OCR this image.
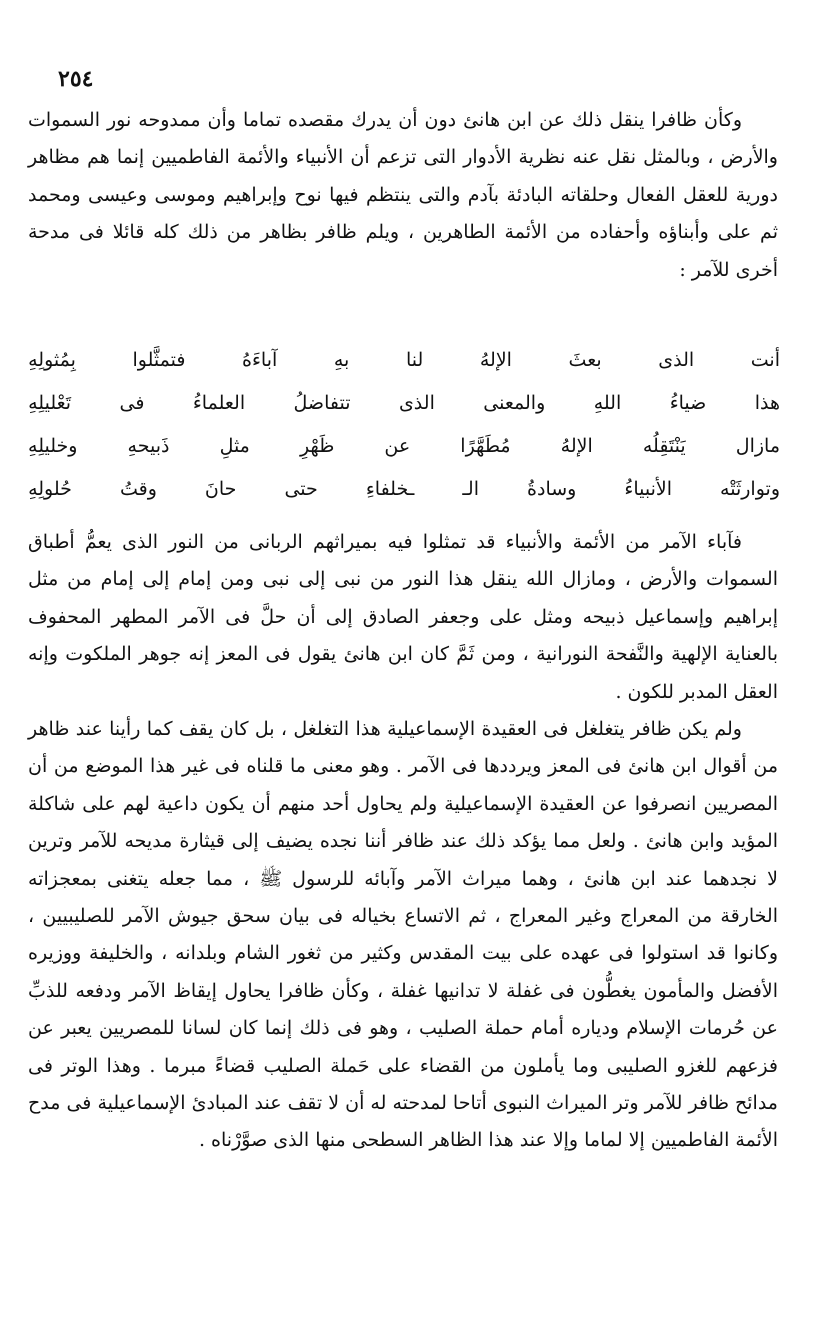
٢٥٤

وكأن ظافرا ينقل ذلك عن ابن هانئ دون أن يدرك مقصده تماما وأن ممدوحه نور السموات والأرض ، وبالمثل نقل عنه نظرية الأدوار التى تزعم أن الأنبياء والأئمة الفاطميين إنما هم مظاهر دورية للعقل الفعال وحلقاته البادئة بآدم والتى ينتظم فيها نوح وإبراهيم وموسى وعيسى ومحمد ثم على وأبناؤه وأحفاده من الأئمة الطاهرين ، ويلم ظافر بظاهر من ذلك كله قائلا فى مدحة أخرى للآمر :

أنت
الذى
بعثَ
الإلهُ
لنا
بهِ
آباءَهُ
فتمثَّلوا
بِمُثولِهِ
هذا
ضياءُ
اللهِ
والمعنى
الذى
تتفاضلُ
العلماءُ
فى
تَعْليلِهِ
مازال
يَنْتَقِلُه
الإلهُ
مُطَهَّرًا
عن
ظَهْرِ
مثلِ
ذَبيحهِ
وخليلِهِ
وتوارثَتْه
الأنبياءُ
وسادةُ
الـ
ـخلفاءِ
حتى
حانَ
وقتُ
حُلولِهِ

فآباء الآمر من الأئمة والأنبياء قد تمثلوا فيه بميراثهم الربانى من النور الذى يعمُّ أطباق السموات والأرض ، ومازال الله ينقل هذا النور من نبى إلى نبى ومن إمام إلى إمام من مثل إبراهيم وإسماعيل ذبيحه ومثل على وجعفر الصادق إلى أن حلَّ فى الآمر المطهر المحفوف بالعناية الإلهية والنَّفحة النورانية ، ومن ثَمَّ كان ابن هانئ يقول فى المعز إنه جوهر الملكوت وإنه العقل المدبر للكون .

ولم يكن ظافر يتغلغل فى العقيدة الإسماعيلية هذا التغلغل ، بل كان يقف كما رأينا عند ظاهر من أقوال ابن هانئ فى المعز ويرددها فى الآمر . وهو معنى ما قلناه فى غير هذا الموضع من أن المصريين انصرفوا عن العقيدة الإسماعيلية ولم يحاول أحد منهم أن يكون داعية لهم على شاكلة المؤيد وابن هانئ . ولعل مما يؤكد ذلك عند ظافر أننا نجده يضيف إلى قيثارة مديحه للآمر وترين لا نجدهما عند ابن هانئ ، وهما ميراث الآمر وآبائه للرسول ﷺ ، مما جعله يتغنى بمعجزاته الخارقة من المعراج وغير المعراج ، ثم الاتساع بخياله فى بيان سحق جيوش الآمر للصليبيين ، وكانوا قد استولوا فى عهده على بيت المقدس وكثير من ثغور الشام وبلدانه ، والخليفة ووزيره الأفضل والمأمون يغطُّون فى غفلة لا تدانيها غفلة ، وكأن ظافرا يحاول إيقاظ الآمر ودفعه للذبِّ عن حُرمات الإسلام ودياره أمام حملة الصليب ، وهو فى ذلك إنما كان لسانا للمصريين يعبر عن فزعهم للغزو الصليبى وما يأملون من القضاء على حَملة الصليب قضاءً مبرما . وهذا الوتر فى مدائح ظافر للآمر وتر الميراث النبوى أتاحا لمدحته له أن لا تقف عند المبادئ الإسماعيلية فى مدح الأئمة الفاطميين إلا لماما وإلا عند هذا الظاهر السطحى منها الذى صوَّرْناه .
